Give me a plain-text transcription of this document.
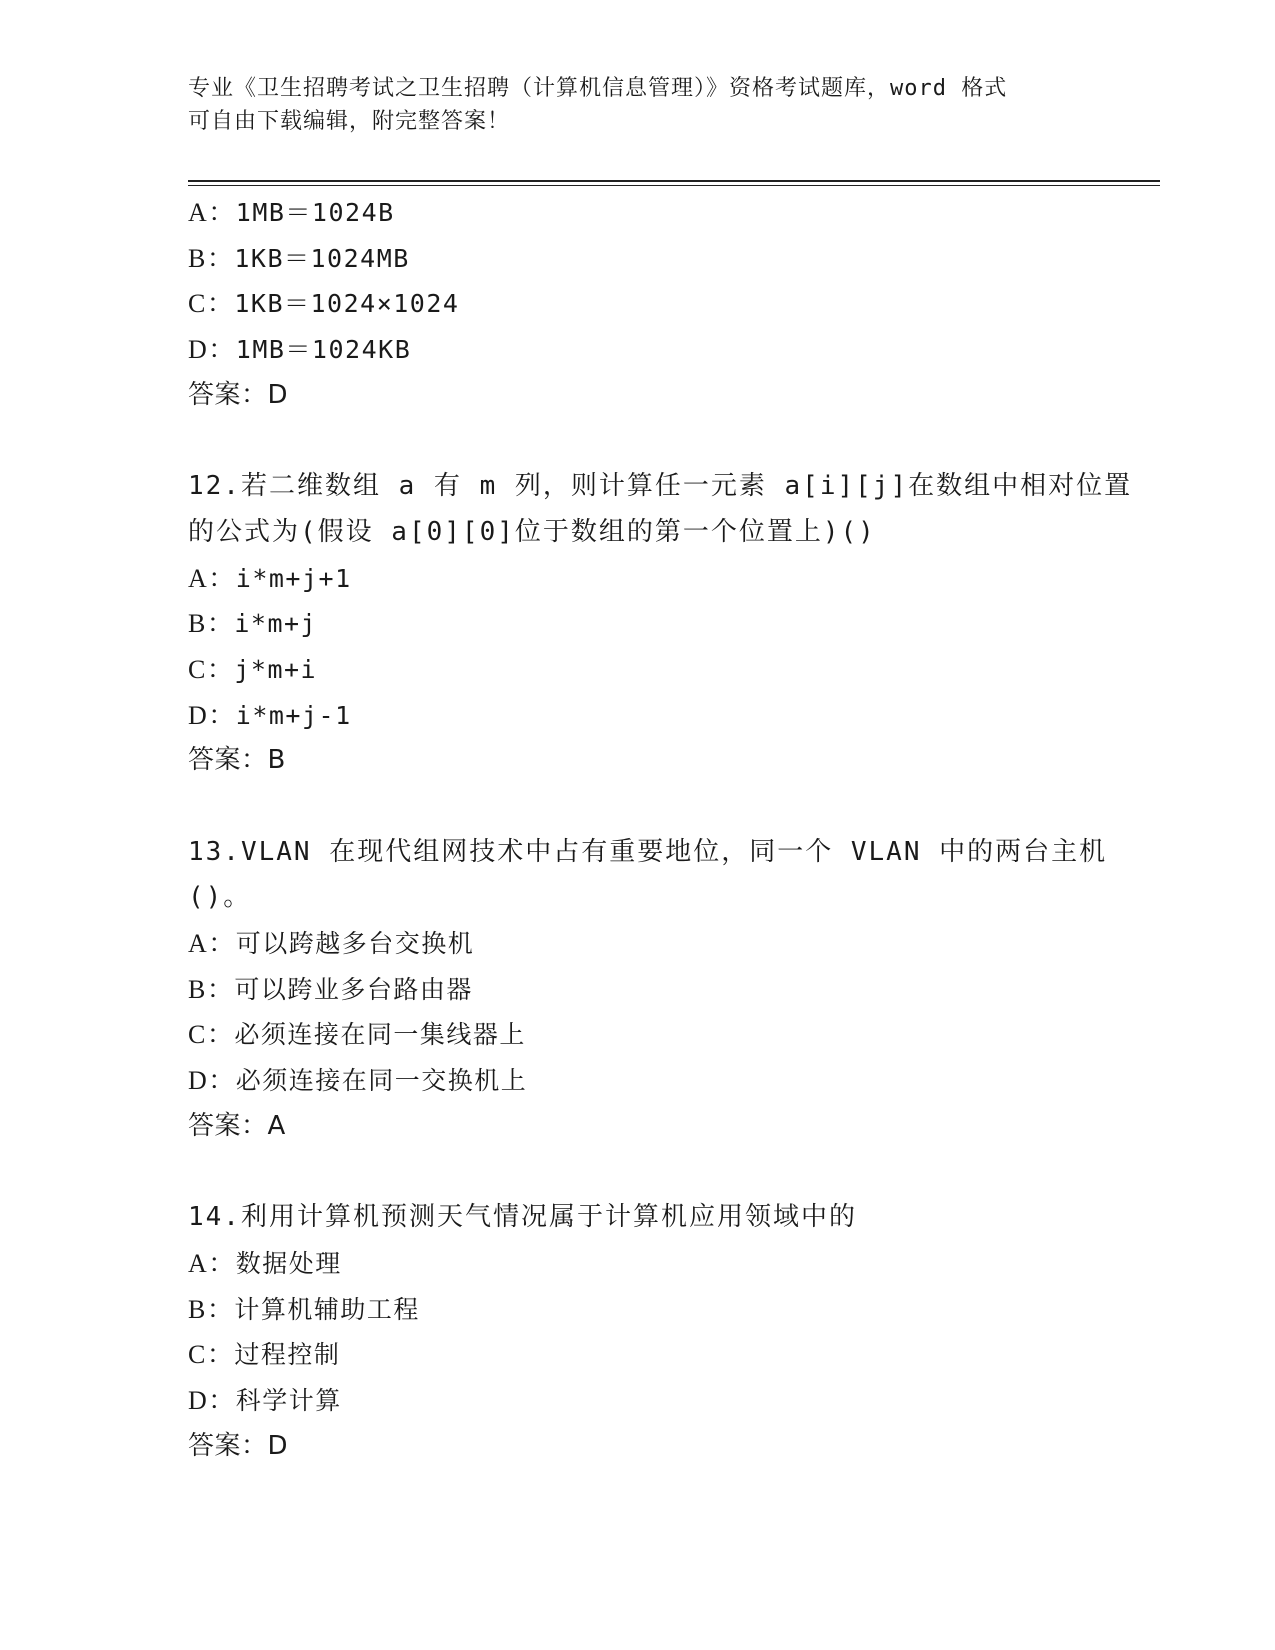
专业《卫生招聘考试之卫生招聘（计算机信息管理）》资格考试题库，word 格式
可自由下载编辑，附完整答案！
A：1MB＝1024B
B：1KB＝1024MB
C：1KB＝1024×1024
D：1MB＝1024KB
答案：D
12.若二维数组 a 有 m 列，则计算任一元素 a[i][j]在数组中相对位置
的公式为(假设 a[0][0]位于数组的第一个位置上)()
A：i*m+j+1
B：i*m+j
C：j*m+i
D：i*m+j-1
答案：B
13.VLAN 在现代组网技术中占有重要地位，同一个 VLAN 中的两台主机
()。
A：可以跨越多台交换机
B：可以跨业多台路由器
C：必须连接在同一集线器上
D：必须连接在同一交换机上
答案：A
14.利用计算机预测天气情况属于计算机应用领域中的
A：数据处理
B：计算机辅助工程
C：过程控制
D：科学计算
答案：D
